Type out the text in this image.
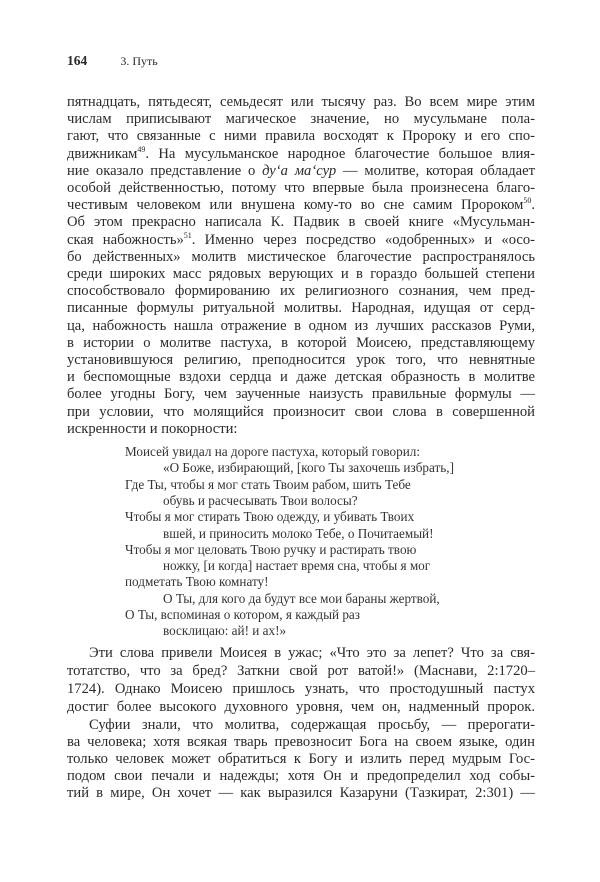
164	3. Путь
пятнадцать, пятьдесят, семьдесят или тысячу раз. Во всем мире этим
числам приписывают магическое значение, но мусульмане пола-
гают, что связанные с ними правила восходят к Пророку и его спо-
движникам$^{49}$. На мусульманское народное благочестие большое влия-
ние оказало представление о ду‘а ма‘сур — молитве, которая обладает
особой действенностью, потому что впервые была произнесена благо-
честивым человеком или внушена кому-то во сне самим Пророком$^{50}$.
Об этом прекрасно написала К. Падвик в своей книге «Мусульман-
ская набожность»$^{51}$. Именно через посредство «одобренных» и «осо-
бо действенных» молитв мистическое благочестие распространялось
среди широких масс рядовых верующих и в гораздо большей степени
способствовало формированию их религиозного сознания, чем пред-
писанные формулы ритуальной молитвы. Народная, идущая от серд-
ца, набожность нашла отражение в одном из лучших рассказов Руми,
в истории о молитве пастуха, в которой Моисею, представляющему
установившуюся религию, преподносится урок того, что невнятные
и беспомощные вздохи сердца и даже детская образность в молитве
более угодны Богу, чем заученные наизусть правильные формулы —
при условии, что молящийся произносит свои слова в совершенной
искренности и покорности:
Моисей увидал на дороге пастуха, который говорил:
«О Боже, избирающий, [кого Ты захочешь избрать,]
Где Ты, чтобы я мог стать Твоим рабом, шить Тебе
обувь и расчесывать Твои волосы?
Чтобы я мог стирать Твою одежду, и убивать Твоих
вшей, и приносить молоко Тебе, о Почитаемый!
Чтобы я мог целовать Твою ручку и растирать твою
ножку, [и когда] настает время сна, чтобы я мог
подметать Твою комнату!
О Ты, для кого да будут все мои бараны жертвой,
О Ты, вспоминая о котором, я каждый раз
восклицаю: ай! и ах!»
Эти слова привели Моисея в ужас; «Что это за лепет? Что за свя-
тотатство, что за бред? Заткни свой рот ватой!» (Маснави, 2:1720–
1724). Однако Моисею пришлось узнать, что простодушный пастух
достиг более высокого духовного уровня, чем он, надменный пророк.
Суфии знали, что молитва, содержащая просьбу, — прерогати-
ва человека; хотя всякая тварь превозносит Бога на своем языке, один
только человек может обратиться к Богу и излить перед мудрым Гос-
подом свои печали и надежды; хотя Он и предопределил ход собы-
тий в мире, Он хочет — как выразился Казаруни (Тазкират, 2:301) —
